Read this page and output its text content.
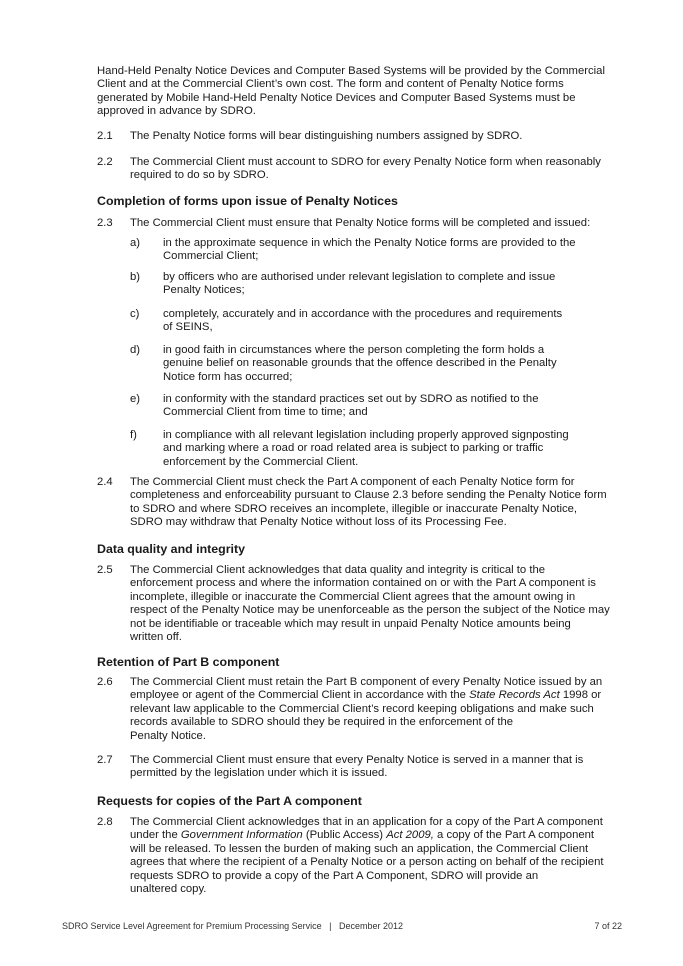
Hand-Held Penalty Notice Devices and Computer Based Systems will be provided by the Commercial
Client and at the Commercial Client’s own cost. The form and content of Penalty Notice forms
generated by Mobile Hand-Held Penalty Notice Devices and Computer Based Systems must be
approved in advance by SDRO.

2.1 The Penalty Notice forms will bear distinguishing numbers assigned by SDRO.

2.2 The Commercial Client must account to SDRO for every Penalty Notice form when reasonably
required to do so by SDRO.

Completion of forms upon issue of Penalty Notices
2.3 The Commercial Client must ensure that Penalty Notice forms will be completed and issued:

a) in the approximate sequence in which the Penalty Notice forms are provided to the
Commercial Client;

b) by officers who are authorised under relevant legislation to complete and issue
Penalty Notices;

c) completely, accurately and in accordance with the procedures and requirements
of SEINS,

d) in good faith in circumstances where the person completing the form holds a
genuine belief on reasonable grounds that the offence described in the Penalty
Notice form has occurred;

e) in conformity with the standard practices set out by SDRO as notified to the
Commercial Client from time to time; and

f) in compliance with all relevant legislation including properly approved signposting
and marking where a road or road related area is subject to parking or traffic
enforcement by the Commercial Client.

2.4 The Commercial Client must check the Part A component of each Penalty Notice form for
completeness and enforceability pursuant to Clause 2.3 before sending the Penalty Notice form
to SDRO and where SDRO receives an incomplete, illegible or inaccurate Penalty Notice,
SDRO may withdraw that Penalty Notice without loss of its Processing Fee.

Data quality and integrity
2.5 The Commercial Client acknowledges that data quality and integrity is critical to the
enforcement process and where the information contained on or with the Part A component is
incomplete, illegible or inaccurate the Commercial Client agrees that the amount owing in
respect of the Penalty Notice may be unenforceable as the person the subject of the Notice may
not be identifiable or traceable which may result in unpaid Penalty Notice amounts being
written off.

Retention of Part B component
2.6 The Commercial Client must retain the Part B component of every Penalty Notice issued by an
employee or agent of the Commercial Client in accordance with the State Records Act 1998 or
relevant law applicable to the Commercial Client’s record keeping obligations and make such
records available to SDRO should they be required in the enforcement of the
Penalty Notice.

2.7 The Commercial Client must ensure that every Penalty Notice is served in a manner that is
permitted by the legislation under which it is issued.

Requests for copies of the Part A component
2.8 The Commercial Client acknowledges that in an application for a copy of the Part A component
under the Government Information (Public Access) Act 2009, a copy of the Part A component
will be released. To lessen the burden of making such an application, the Commercial Client
agrees that where the recipient of a Penalty Notice or a person acting on behalf of the recipient
requests SDRO to provide a copy of the Part A Component, SDRO will provide an
unaltered copy.

SDRO Service Level Agreement for Premium Processing Service | December 2012	7 of 22
